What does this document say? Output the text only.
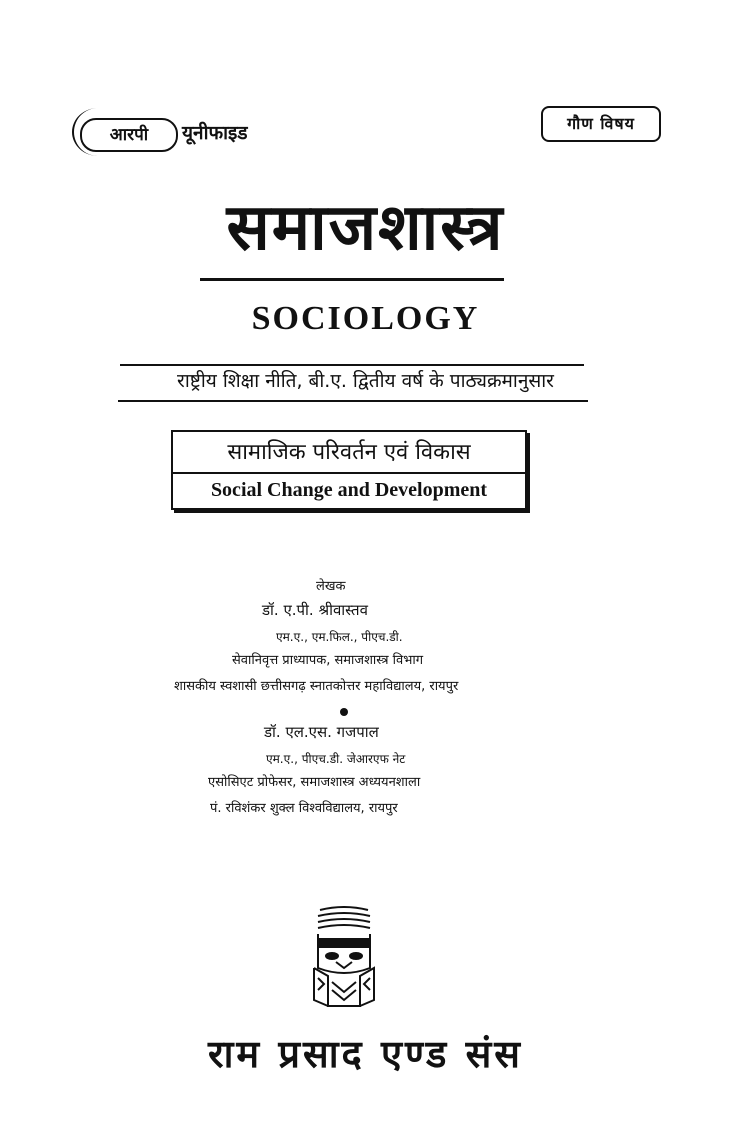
आरपी	यूनीफाइड	गौण विषय
समाजशास्त्र
SOCIOLOGY
राष्ट्रीय शिक्षा नीति, बी.ए. द्वितीय वर्ष के पाठ्यक्रमानुसार
सामाजिक परिवर्तन एवं विकास
Social Change and Development
लेखक
डॉ. ए.पी. श्रीवास्तव
एम.ए., एम.फिल., पीएच.डी.
सेवानिवृत्त प्राध्यापक, समाजशास्त्र विभाग
शासकीय स्वशासी छत्तीसगढ़ स्नातकोत्तर महाविद्यालय, रायपुर
डॉ. एल.एस. गजपाल
एम.ए., पीएच.डी. जेआरएफ नेट
एसोसिएट प्रोफेसर, समाजशास्त्र अध्ययनशाला
पं. रविशंकर शुक्ल विश्वविद्यालय, रायपुर
राम प्रसाद एण्ड संस
